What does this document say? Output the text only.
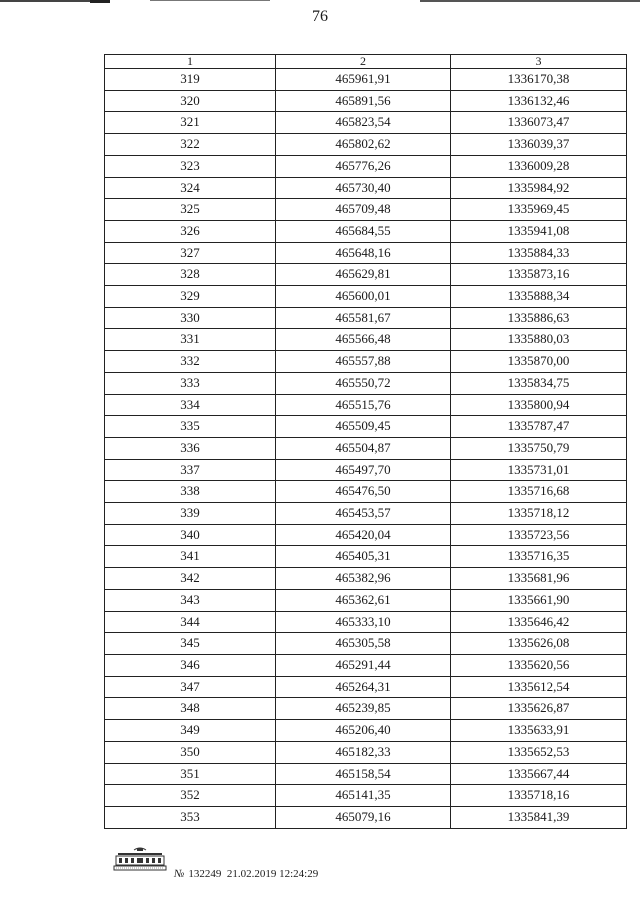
76
1	2	3
319	465961,91	1336170,38
320	465891,56	1336132,46
321	465823,54	1336073,47
322	465802,62	1336039,37
323	465776,26	1336009,28
324	465730,40	1335984,92
325	465709,48	1335969,45
326	465684,55	1335941,08
327	465648,16	1335884,33
328	465629,81	1335873,16
329	465600,01	1335888,34
330	465581,67	1335886,63
331	465566,48	1335880,03
332	465557,88	1335870,00
333	465550,72	1335834,75
334	465515,76	1335800,94
335	465509,45	1335787,47
336	465504,87	1335750,79
337	465497,70	1335731,01
338	465476,50	1335716,68
339	465453,57	1335718,12
340	465420,04	1335723,56
341	465405,31	1335716,35
342	465382,96	1335681,96
343	465362,61	1335661,90
344	465333,10	1335646,42
345	465305,58	1335626,08
346	465291,44	1335620,56
347	465264,31	1335612,54
348	465239,85	1335626,87
349	465206,40	1335633,91
350	465182,33	1335652,53
351	465158,54	1335667,44
352	465141,35	1335718,16
353	465079,16	1335841,39
№ 132249 21.02.2019 12:24:29
